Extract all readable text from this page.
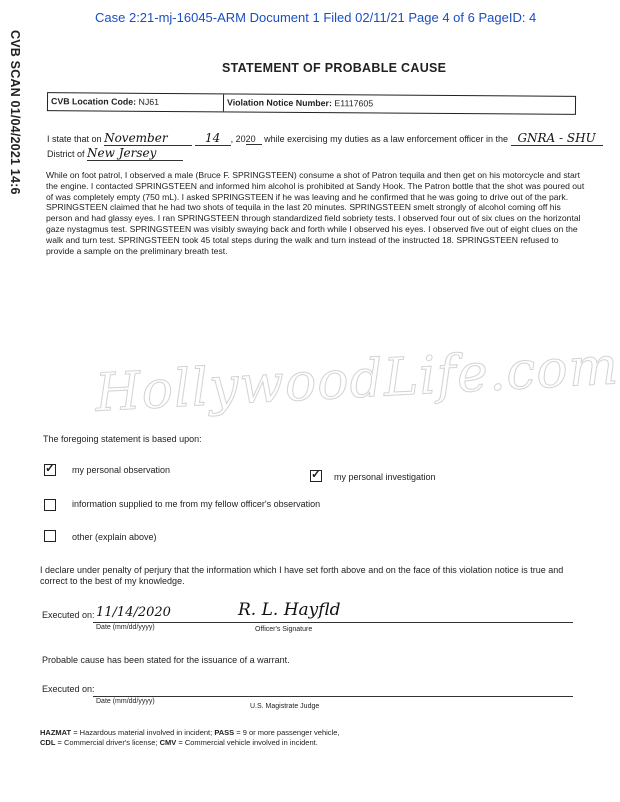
Case 2:21-mj-16045-ARM Document 1 Filed 02/11/21 Page 4 of 6 PageID: 4
CVB SCAN 01/04/2021 14:6	STATEMENT OF PROBABLE CAUSE
CVB Location Code: NJ61	Violation Notice Number: E1117605
I state that on November	14 , 2020 while exercising my duties as a law enforcement officer in the GNRA - SHU
District of New Jersey

While on foot patrol, I observed a male (Bruce F. SPRINGSTEEN) consume a shot of Patron tequila and then get on his motorcycle and start the engine. I contacted SPRINGSTEEN and informed him alcohol is prohibited at Sandy Hook. The Patron bottle that the shot was poured out of was completely empty (750 mL). I asked SPRINGSTEEN if he was leaving and he confirmed that he was going to drive out of the park. SPRINGSTEEN claimed that he had two shots of tequila in the last 20 minutes. SPRINGSTEEN smelt strongly of alcohol coming off his person and had glassy eyes. I ran SPRINGSTEEN through standardized field sobriety tests. I observed four out of six clues on the horizontal gaze nystagmus test. SPRINGSTEEN was visibly swaying back and forth while I observed his eyes. I observed five out of eight clues on the walk and turn test. SPRINGSTEEN took 45 total steps during the walk and turn instead of the instructed 18. SPRINGSTEEN refused to provide a sample on the preliminary breath test.

HollywoodLife.com
The foregoing statement is based upon:
✓ my personal observation	✓ my personal investigation
information supplied to me from my fellow officer's observation
other (explain above)
I declare under penalty of perjury that the information which I have set forth above and on the face of this violation notice is true and correct to the best of my knowledge.
Executed on: 11/14/2020
Date (mm/dd/yyyy)
R. L. Hayfld
Officer's Signature
Probable cause has been stated for the issuance of a warrant.
Executed on:
Date (mm/dd/yyyy)
U.S. Magistrate Judge
HAZMAT = Hazardous material involved in incident; PASS = 9 or more passenger vehicle,
CDL = Commercial driver's license; CMV = Commercial vehicle involved in incident.
